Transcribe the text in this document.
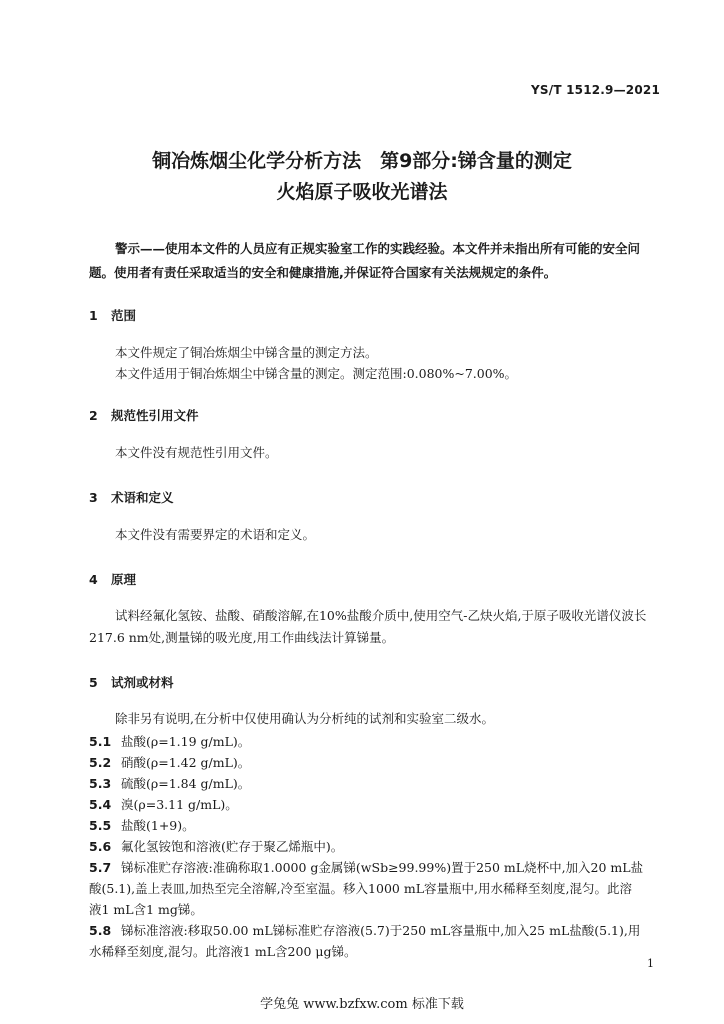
YS/T 1512.9—2021
铜冶炼烟尘化学分析方法　第9部分:锑含量的测定
火焰原子吸收光谱法
警示——使用本文件的人员应有正规实验室工作的实践经验。本文件并未指出所有可能的安全问
题。使用者有责任采取适当的安全和健康措施,并保证符合国家有关法规规定的条件。
1 范围
本文件规定了铜冶炼烟尘中锑含量的测定方法。
本文件适用于铜冶炼烟尘中锑含量的测定。测定范围:0.080%~7.00%。
2 规范性引用文件
本文件没有规范性引用文件。
3 术语和定义
本文件没有需要界定的术语和定义。
4 原理
试料经氟化氢铵、盐酸、硝酸溶解,在10%盐酸介质中,使用空气-乙炔火焰,于原子吸收光谱仪波长
217.6 nm处,测量锑的吸光度,用工作曲线法计算锑量。
5 试剂或材料
除非另有说明,在分析中仅使用确认为分析纯的试剂和实验室二级水。
5.1 盐酸(ρ=1.19 g/mL)。
5.2 硝酸(ρ=1.42 g/mL)。
5.3 硫酸(ρ=1.84 g/mL)。
5.4 溴(ρ=3.11 g/mL)。
5.5 盐酸(1+9)。
5.6 氟化氢铵饱和溶液(贮存于聚乙烯瓶中)。
5.7 锑标准贮存溶液:准确称取1.0000 g金属锑(wSb≥99.99%)置于250 mL烧杯中,加入20 mL盐
酸(5.1),盖上表皿,加热至完全溶解,冷至室温。移入1000 mL容量瓶中,用水稀释至刻度,混匀。此溶
液1 mL含1 mg锑。
5.8 锑标准溶液:移取50.00 mL锑标准贮存溶液(5.7)于250 mL容量瓶中,加入25 mL盐酸(5.1),用
水稀释至刻度,混匀。此溶液1 mL含200 μg锑。
1
学兔兔 www.bzfxw.com 标准下载
